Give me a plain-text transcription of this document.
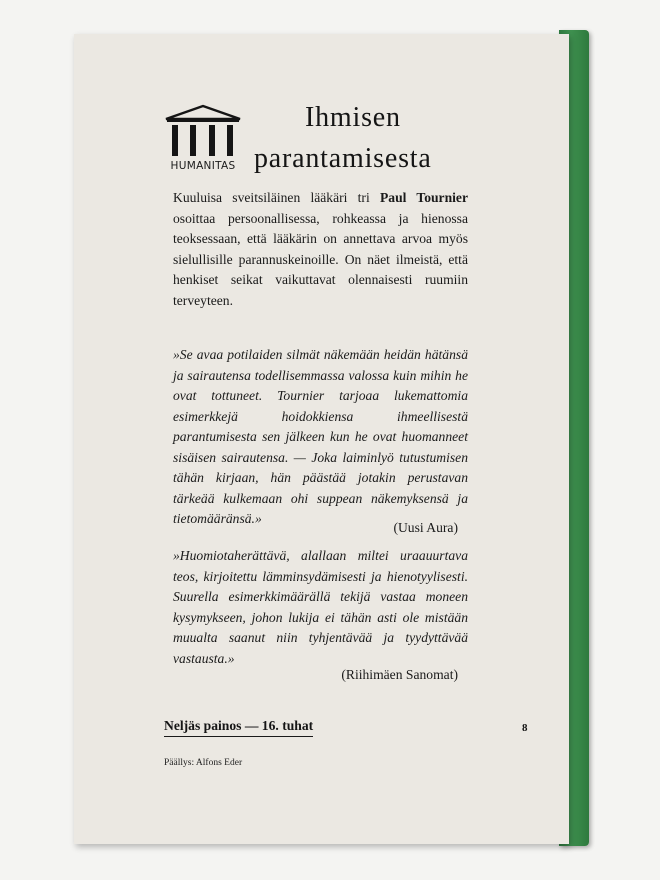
HUMANITAS
Ihmisen
parantamisesta

Kuuluisa sveitsiläinen lääkäri tri Paul Tournier osoittaa persoonallisessa, rohkeassa ja hienossa teoksessaan, että lääkärin on annettava arvoa myös sielullisille parannuskeinoille. On näet ilmeistä, että henkiset seikat vaikuttavat olennaisesti ruumiin terveyteen.

»Se avaa potilaiden silmät näkemään heidän hätänsä ja sairautensa todellisemmassa valossa kuin mihin he ovat tottuneet. Tournier tarjoaa lukemattomia esimerkkejä hoidokkiensa ihmeellisestä parantumisesta sen jälkeen kun he ovat huomanneet sisäisen sairautensa. — Joka laiminlyö tutustumisen tähän kirjaan, hän päästää jotakin perustavan tärkeää kulkemaan ohi suppean näkemyksensä ja tietomääränsä.»

(Uusi Aura)

»Huomiotaherättävä, alallaan miltei uraauurtava teos, kirjoitettu lämminsydämisesti ja hienotyylisesti. Suurella esimerkkimäärällä tekijä vastaa moneen kysymykseen, johon lukija ei tähän asti ole mistään muualta saanut niin tyhjentävää ja tyydyttävää vastausta.»

(Riihimäen Sanomat)
Neljäs painos — 16. tuhat	8
Päällys: Alfons Eder
